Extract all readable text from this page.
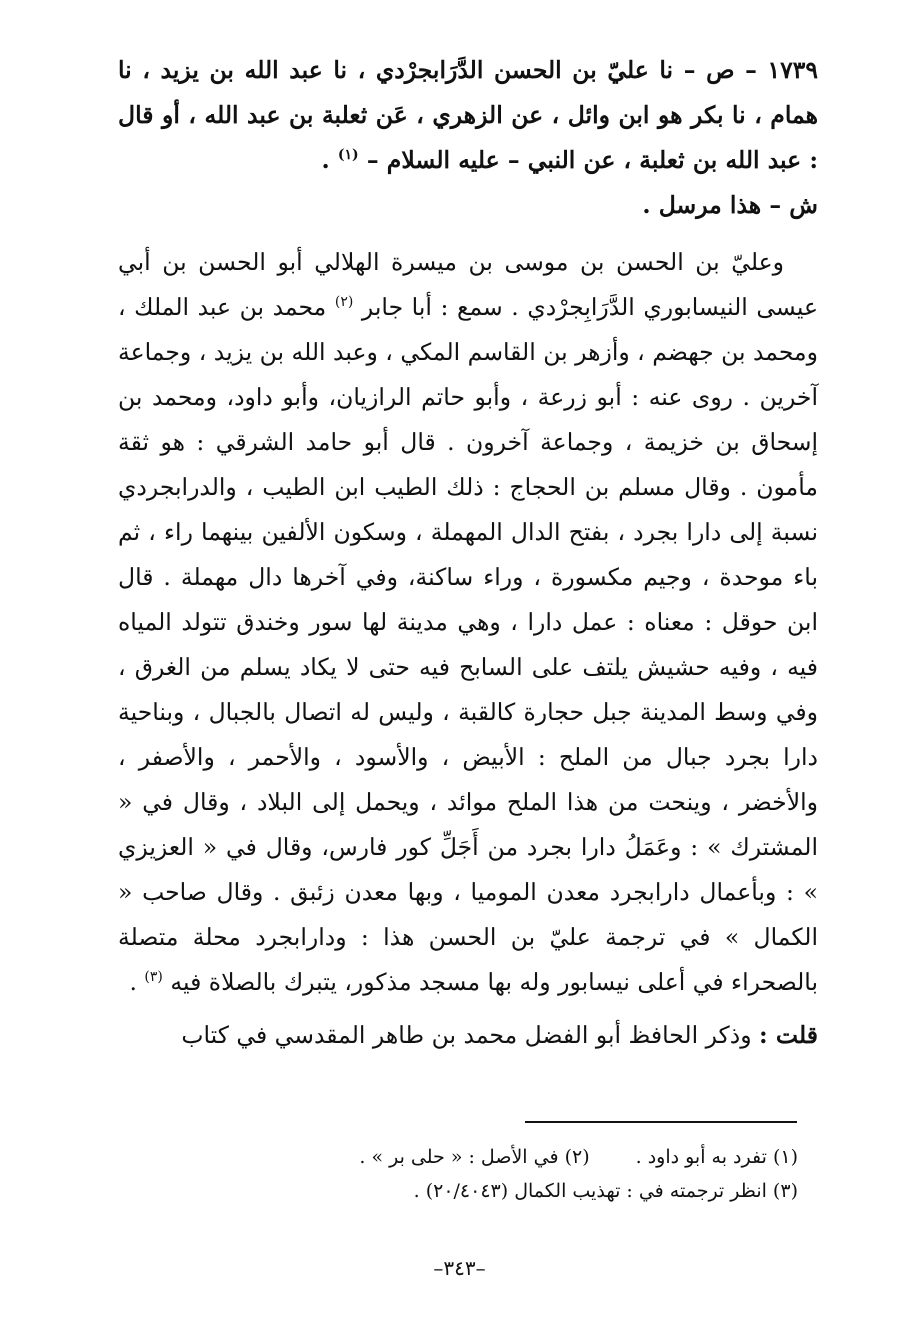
١٧٣٩ – ص – نا عليّ بن الحسن الدَّرَابجرْدي ، نا عبد الله بن يزيد ، نا همام ، نا بكر هو ابن وائل ، عن الزهري ، عَن ثعلبة بن عبد الله ، أو قال : عبد الله بن ثعلبة ، عن النبي – عليه السلام – $^{(١)}$ .

ش – هذا مرسل .

وعليّ بن الحسن بن موسى بن ميسرة الهلالي أبو الحسن بن أبي عيسى النيسابوري الدَّرَابِجرْدي . سمع : أبا جابر $^{(٢)}$ محمد بن عبد الملك ، ومحمد بن جهضم ، وأزهر بن القاسم المكي ، وعبد الله بن يزيد ، وجماعة آخرين . روى عنه : أبو زرعة ، وأبو حاتم الرازيان، وأبو داود، ومحمد بن إسحاق بن خزيمة ، وجماعة آخرون . قال أبو حامد الشرقي : هو ثقة مأمون . وقال مسلم بن الحجاج : ذلك الطيب ابن الطيب ، والدرابجردي نسبة إلى دارا بجرد ، بفتح الدال المهملة ، وسكون الألفين بينهما راء ، ثم باء موحدة ، وجيم مكسورة ، وراء ساكنة، وفي آخرها دال مهملة . قال ابن حوقل : معناه : عمل دارا ، وهي مدينة لها سور وخندق تتولد المياه فيه ، وفيه حشيش يلتف على السابح فيه حتى لا يكاد يسلم من الغرق ، وفي وسط المدينة جبل حجارة كالقبة ، وليس له اتصال بالجبال ، وبناحية دارا بجرد جبال من الملح : الأبيض ، والأسود ، والأحمر ، والأصفر ، والأخضر ، وينحت من هذا الملح موائد ، ويحمل إلى البلاد ، وقال في « المشترك » : وعَمَلُ دارا بجرد من أَجَلِّ كور فارس، وقال في « العزيزي » : وبأعمال دارابجرد معدن الموميا ، وبها معدن زئبق . وقال صاحب « الكمال » في ترجمة عليّ بن الحسن هذا : ودارابجرد محلة متصلة بالصحراء في أعلى نيسابور وله بها مسجد مذكور، يتبرك بالصلاة فيه $^{(٣)}$ .

قلت : وذكر الحافظ أبو الفضل محمد بن طاهر المقدسي في كتاب

(١) تفرد به أبو داود .
(٢) في الأصل : « حلى بر » .
(٣) انظر ترجمته في : تهذيب الكمال (٢٠/٤٠٤٣) .
–٣٤٣–
